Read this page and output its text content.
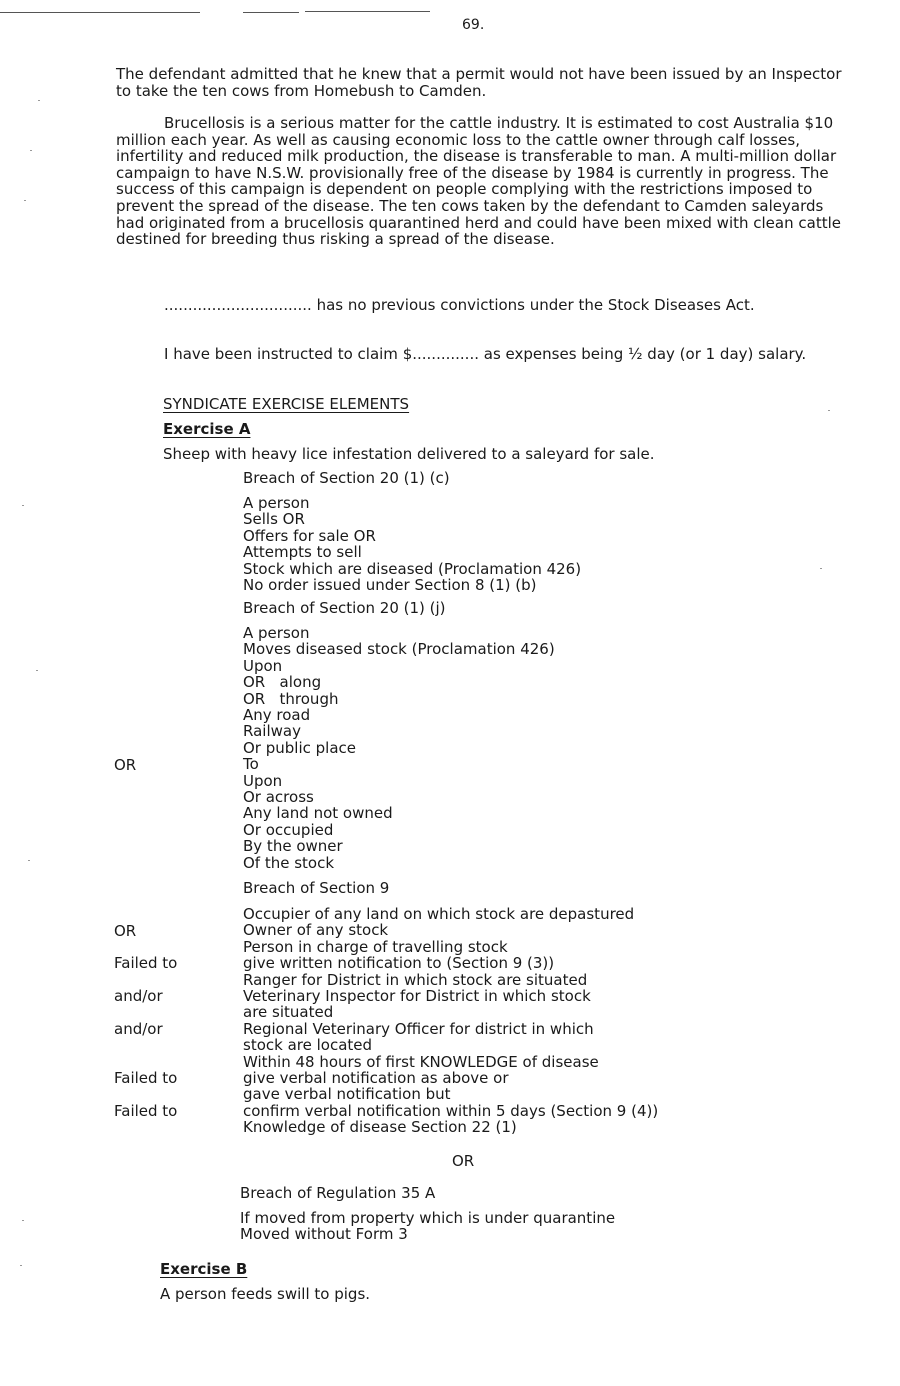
69.

The defendant admitted that he knew that a permit would not have been issued by an Inspector to take the ten cows from Homebush to Camden.

Brucellosis is a serious matter for the cattle industry. It is estimated to cost Australia $10 million each year. As well as causing economic loss to the cattle owner through calf losses, infertility and reduced milk production, the disease is transferable to man. A multi-million dollar campaign to have N.S.W. provisionally free of the disease by 1984 is currently in progress. The success of this campaign is dependent on people complying with the restrictions imposed to prevent the spread of the disease. The ten cows taken by the defendant to Camden saleyards had originated from a brucellosis quarantined herd and could have been mixed with clean cattle destined for breeding thus risking a spread of the disease.

............................... has no previous convictions under the Stock Diseases Act.

I have been instructed to claim $.............. as expenses being ½ day (or 1 day) salary.

SYNDICATE EXERCISE ELEMENTS
Exercise A
Sheep with heavy lice infestation delivered to a saleyard for sale.
Breach of Section 20 (1) (c)
A person
Sells OR
Offers for sale OR
Attempts to sell
Stock which are diseased (Proclamation 426)
No order issued under Section 8 (1) (b)
Breach of Section 20 (1) (j)
A person
Moves diseased stock (Proclamation 426)
Upon
OR   along
OR   through
Any road
Railway
Or public place
To
Upon
Or across
Any land not owned
Or occupied
By the owner
Of the stock
OR
Breach of Section 9
Occupier of any land on which stock are depastured
Owner of any stock
Person in charge of travelling stock
give written notification to (Section 9 (3))
Ranger for District in which stock are situated
Veterinary Inspector for District in which stock
are situated
Regional Veterinary Officer for district in which
stock are located
Within 48 hours of first KNOWLEDGE of disease
give verbal notification as above or
gave verbal notification but
confirm verbal notification within 5 days (Section 9 (4))
Knowledge of disease Section 22 (1)
OR
Failed to
and/or
and/or
Failed to
Failed to
OR
Breach of Regulation 35 A
If moved from property which is under quarantine
Moved without Form 3
Exercise B
A person feeds swill to pigs.
